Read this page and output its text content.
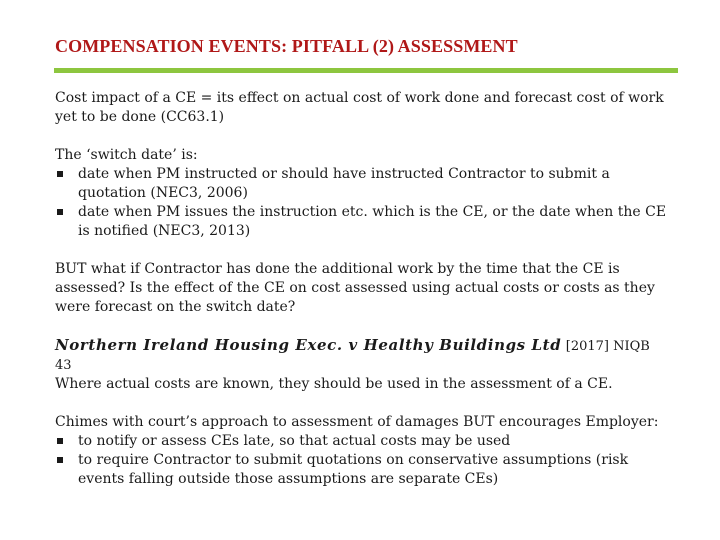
COMPENSATION EVENTS: PITFALL (2) ASSESSMENT

Cost impact of a CE = its effect on actual cost of work done and forecast cost of work yet to be done (CC63.1)

The ‘switch date’ is:

date when PM instructed or should have instructed Contractor to submit a quotation (NEC3, 2006)
date when PM issues the instruction etc. which is the CE, or the date when the CE is notified (NEC3, 2013)

BUT what if Contractor has done the additional work by the time that the CE is assessed? Is the effect of the CE on cost assessed using actual costs or costs as they were forecast on the switch date?

Northern Ireland Housing Exec. v Healthy Buildings Ltd [2017] NIQB 43

Where actual costs are known, they should be used in the assessment of a CE.

Chimes with court’s approach to assessment of damages BUT encourages Employer:

to notify or assess CEs late, so that actual costs may be used
to require Contractor to submit quotations on conservative assumptions (risk events falling outside those assumptions are separate CEs)
